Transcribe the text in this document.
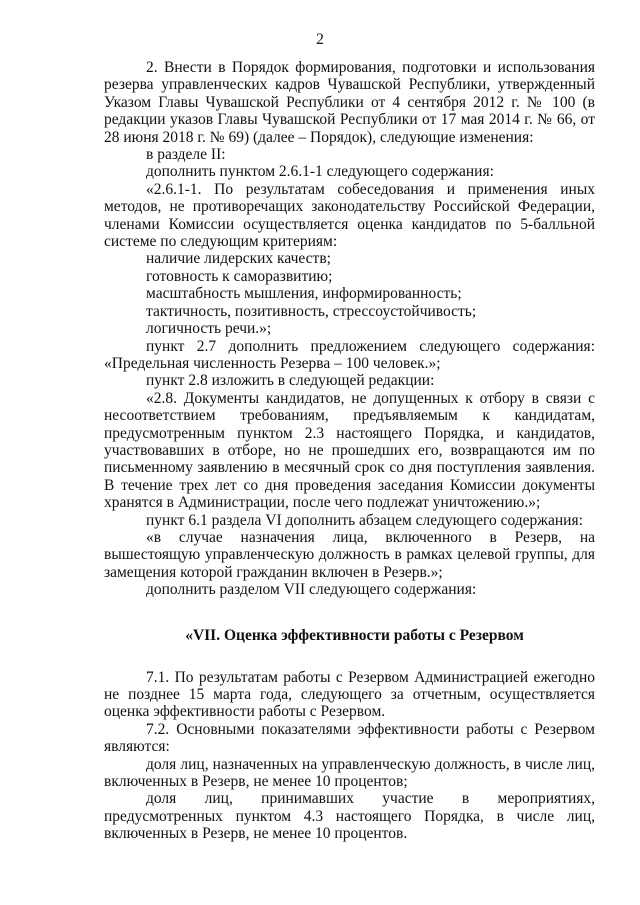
2

2. Внести в Порядок формирования, подготовки и использования резерва управленческих кадров Чувашской Республики, утвержденный Указом Главы Чувашской Республики от 4 сентября 2012 г. № 100 (в редакции указов Главы Чувашской Республики от 17 мая 2014 г. № 66, от 28 июня 2018 г. № 69) (далее – Порядок), следующие изменения:

в разделе II:

дополнить пунктом 2.6.1-1 следующего содержания:

«2.6.1-1. По результатам собеседования и применения иных методов, не противоречащих законодательству Российской Федерации, членами Комиссии осуществляется оценка кандидатов по 5-балльной системе по следующим критериям:

наличие лидерских качеств;

готовность к саморазвитию;

масштабность мышления, информированность;

тактичность, позитивность, стрессоустойчивость;

логичность речи.»;

пункт 2.7 дополнить предложением следующего содержания: «Предельная численность Резерва – 100 человек.»;

пункт 2.8 изложить в следующей редакции:

«2.8. Документы кандидатов, не допущенных к отбору в связи с несоответствием требованиям, предъявляемым к кандидатам, предусмотренным пунктом 2.3 настоящего Порядка, и кандидатов, участвовавших в отборе, но не прошедших его, возвращаются им по письменному заявлению в месячный срок со дня поступления заявления. В течение трех лет со дня проведения заседания Комиссии документы хранятся в Администрации, после чего подлежат уничтожению.»;

пункт 6.1 раздела VI дополнить абзацем следующего содержания:

«в случае назначения лица, включенного в Резерв, на вышестоящую управленческую должность в рамках целевой группы, для замещения которой гражданин включен в Резерв.»;

дополнить разделом VII следующего содержания:

«VII. Оценка эффективности работы с Резервом

7.1. По результатам работы с Резервом Администрацией ежегодно не позднее 15 марта года, следующего за отчетным, осуществляется оценка эффективности работы с Резервом.

7.2. Основными показателями эффективности работы с Резервом являются:

доля лиц, назначенных на управленческую должность, в числе лиц, включенных в Резерв, не менее 10 процентов;

доля лиц, принимавших участие в мероприятиях, предусмотренных пунктом 4.3 настоящего Порядка, в числе лиц, включенных в Резерв, не менее 10 процентов.
